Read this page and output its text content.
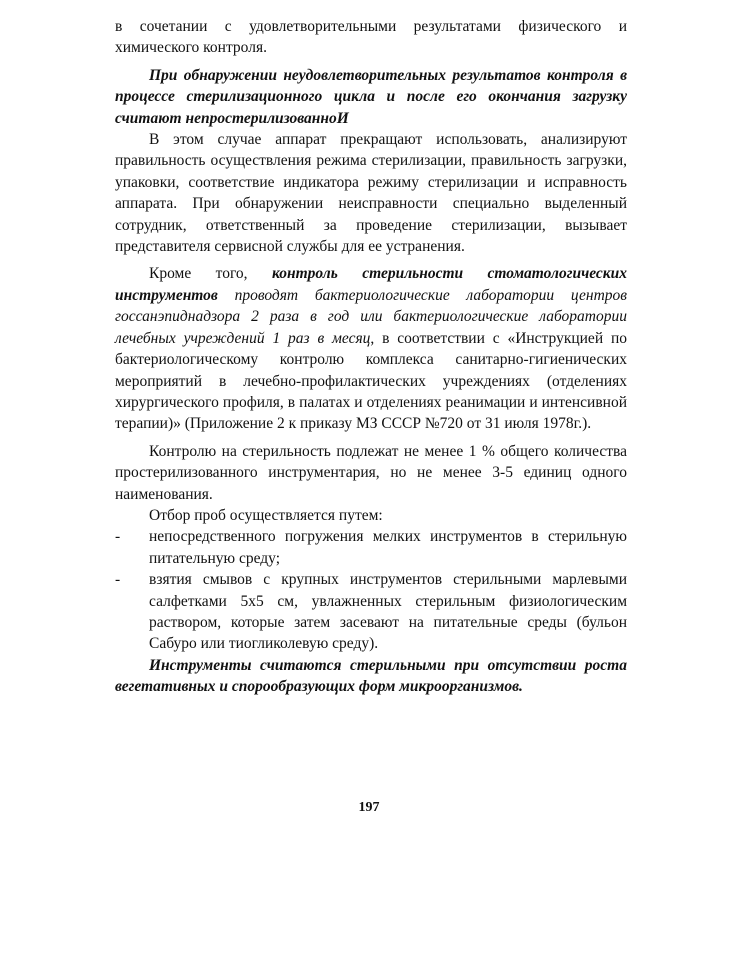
в сочетании с удовлетворительными результатами физического и химического контроля.

При обнаружении неудовлетворительных результатов контроля в процессе стерилизационного цикла и после его окончания загрузку считают непростерилизованноИ

В этом случае аппарат прекращают использовать, анализируют правильность осуществления режима стерилизации, правильность загрузки, упаковки, соответствие индикатора режиму стерилизации и исправность аппарата. При обнаружении неисправности специально выделенный сотрудник, ответственный за проведение стерилизации, вызывает представителя сервисной службы для ее устранения.

Кроме того, контроль стерильности стоматологических инструментов проводят бактериологические лаборатории центров госсанэпиднадзора 2 раза в год или бактериологические лаборатории лечебных учреждений 1 раз в месяц, в соответствии с «Инструкцией по бактериологическому контролю комплекса санитарно-гигиенических мероприятий в лечебно-профилактических учреждениях (отделениях хирургического профиля, в палатах и отделениях реанимации и интенсивной терапии)» (Приложение 2 к приказу МЗ СССР №720 от 31 июля 1978г.).

Контролю на стерильность подлежат не менее 1 % общего количества простерилизованного инструментария, но не менее 3-5 единиц одного наименования.

Отбор проб осуществляется путем:

- непосредственного погружения мелких инструментов в стерильную питательную среду;
- взятия смывов с крупных инструментов стерильными марлевыми салфетками 5х5 см, увлажненных стерильным физиологическим раствором, которые затем засевают на питательные среды (бульон Сабуро или тиогликолевую среду).

Инструменты считаются стерильными при отсутствии роста вегетативных и спорообразующих форм микроорганизмов.

197
